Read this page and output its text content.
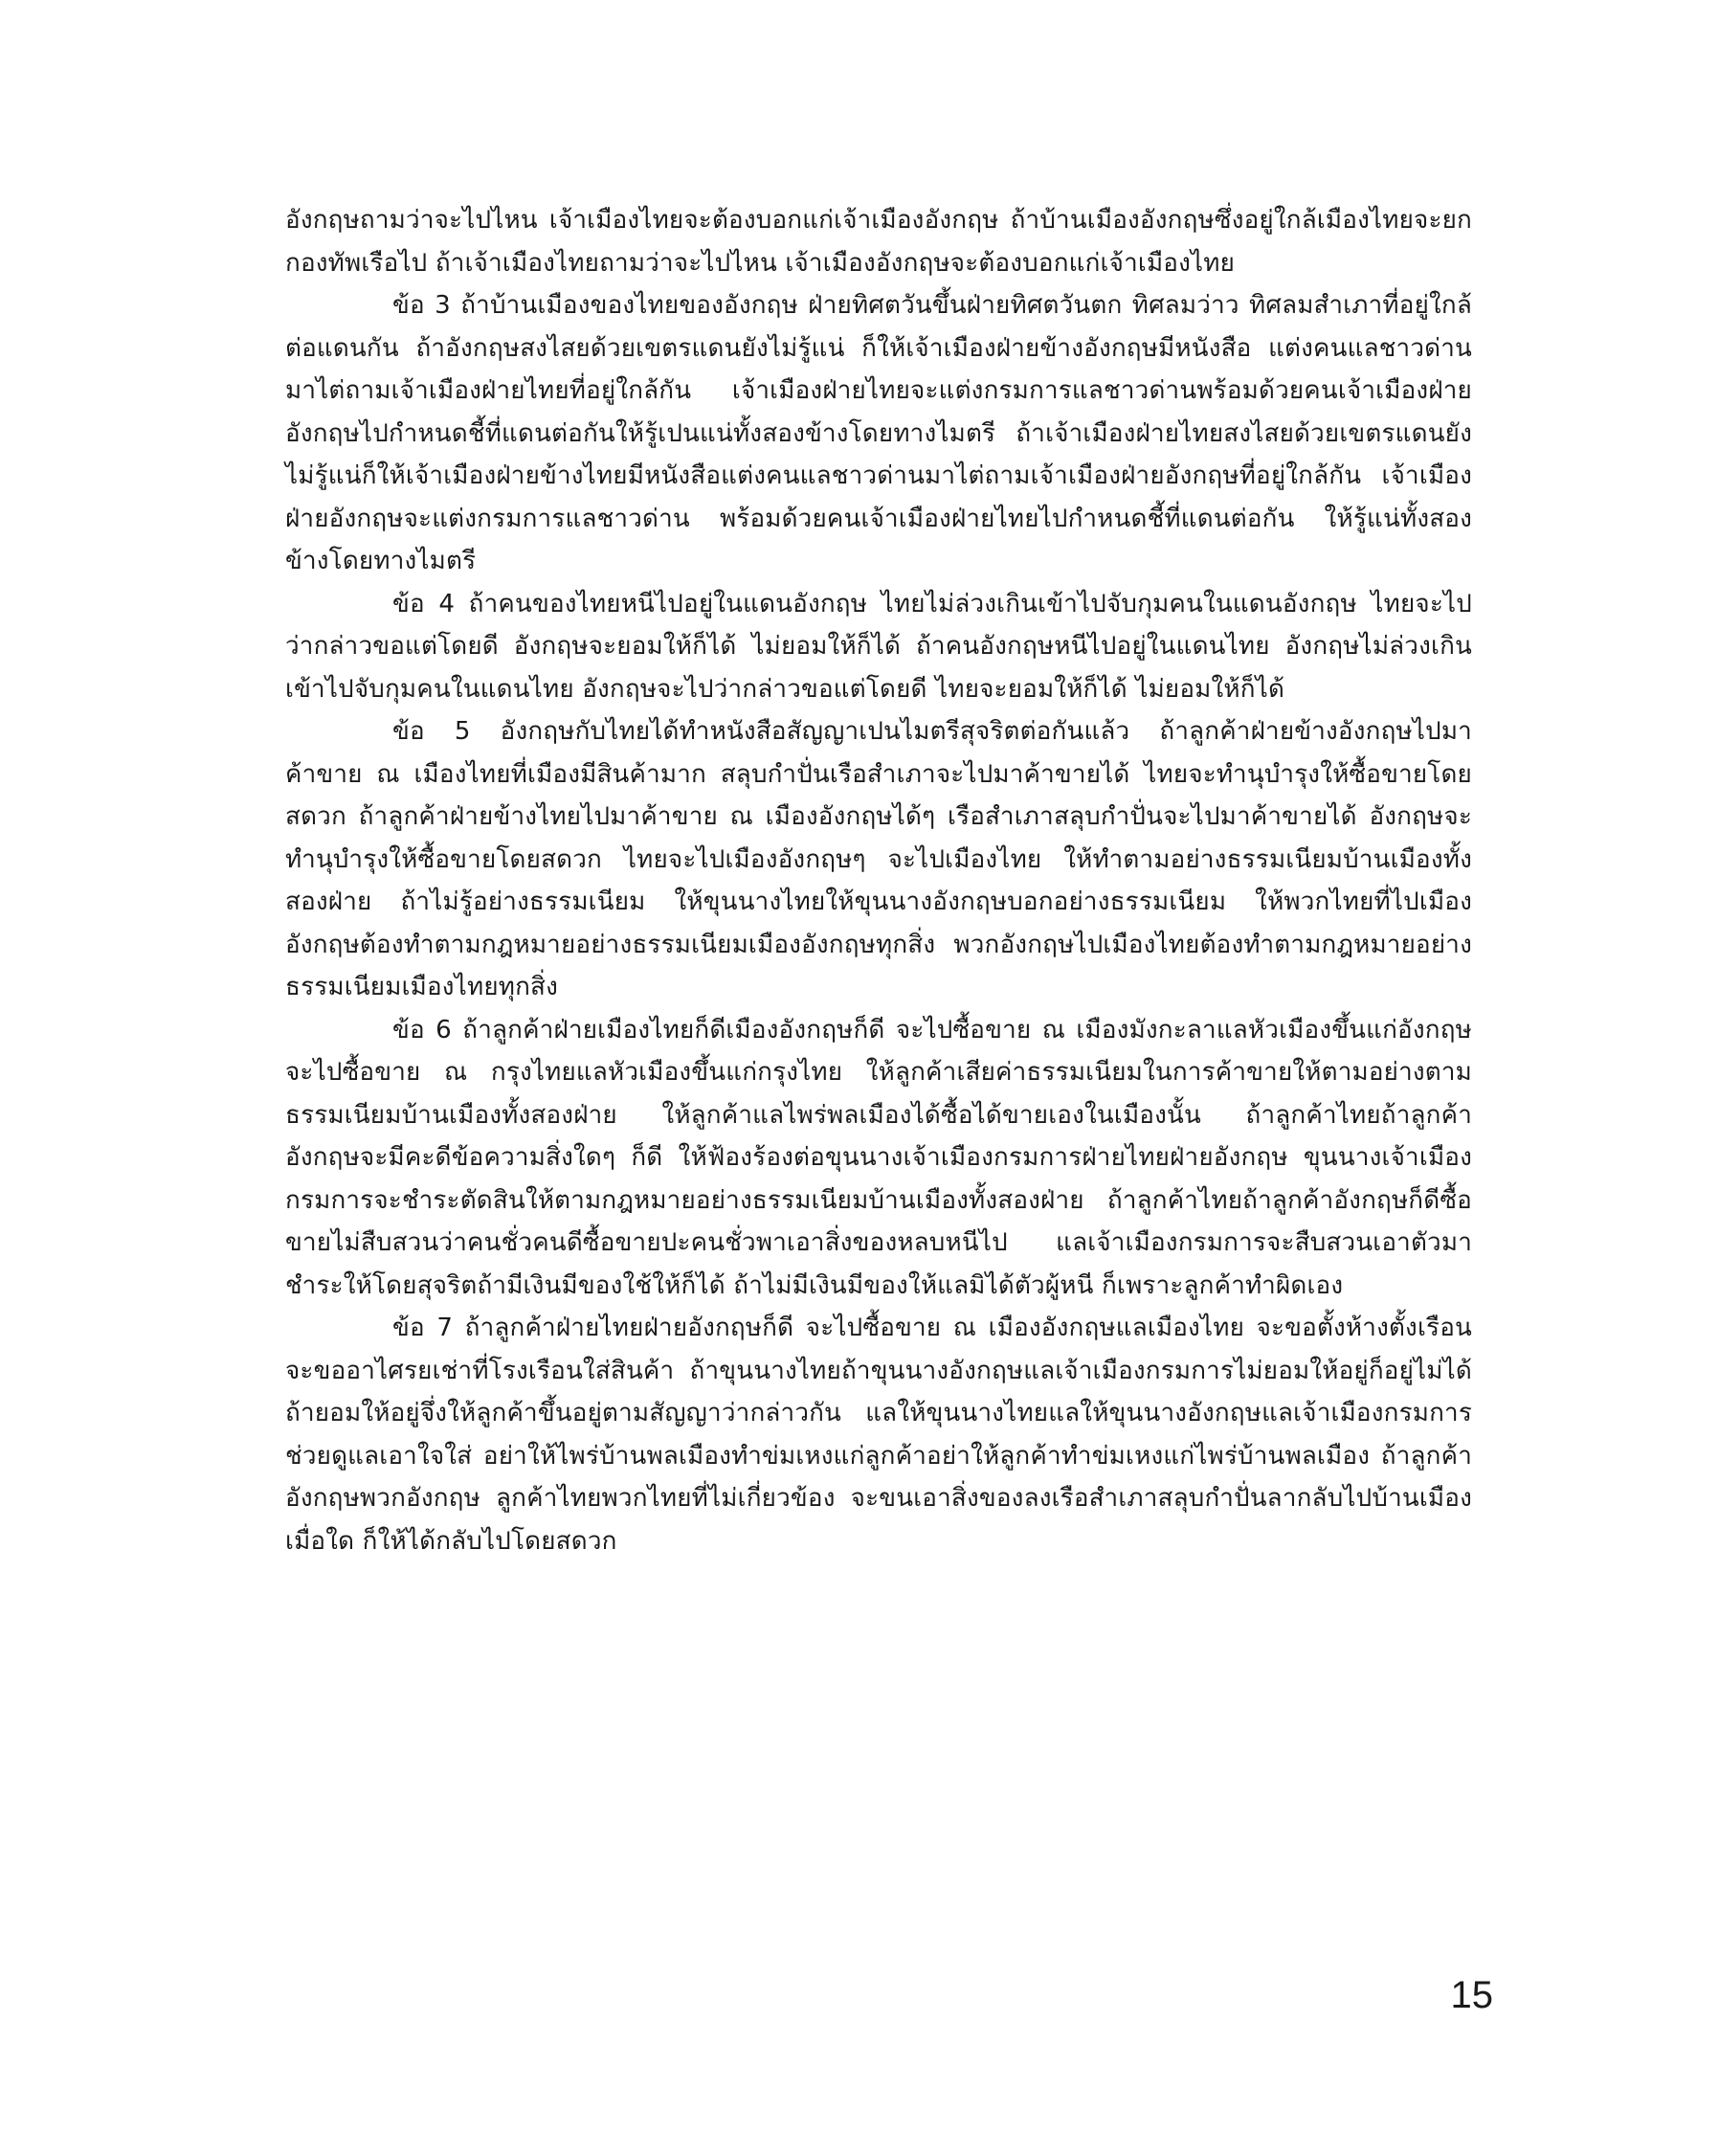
อังกฤษถามว่าจะไปไหน เจ้าเมืองไทยจะต้องบอกแก่เจ้าเมืองอังกฤษ ถ้าบ้านเมืองอังกฤษซึ่งอยู่ใกล้เมืองไทยจะยกกองทัพเรือไป ถ้าเจ้าเมืองไทยถามว่าจะไปไหน เจ้าเมืองอังกฤษจะต้องบอกแก่เจ้าเมืองไทย

ข้อ 3 ถ้าบ้านเมืองของไทยของอังกฤษ ฝ่ายทิศตวันขึ้นฝ่ายทิศตวันตก ทิศลมว่าว ทิศลมสำเภาที่อยู่ใกล้ต่อแดนกัน ถ้าอังกฤษสงไสยด้วยเขตรแดนยังไม่รู้แน่ ก็ให้เจ้าเมืองฝ่ายข้างอังกฤษมีหนังสือ แต่งคนแลชาวด่านมาไต่ถามเจ้าเมืองฝ่ายไทยที่อยู่ใกล้กัน เจ้าเมืองฝ่ายไทยจะแต่งกรมการแลชาวด่านพร้อมด้วยคนเจ้าเมืองฝ่ายอังกฤษไปกำหนดชี้ที่แดนต่อกันให้รู้เปนแน่ทั้งสองข้างโดยทางไมตรี ถ้าเจ้าเมืองฝ่ายไทยสงไสยด้วยเขตรแดนยังไม่รู้แน่ก็ให้เจ้าเมืองฝ่ายข้างไทยมีหนังสือแต่งคนแลชาวด่านมาไต่ถามเจ้าเมืองฝ่ายอังกฤษที่อยู่ใกล้กัน เจ้าเมืองฝ่ายอังกฤษจะแต่งกรมการแลชาวด่าน พร้อมด้วยคนเจ้าเมืองฝ่ายไทยไปกำหนดชี้ที่แดนต่อกัน ให้รู้แน่ทั้งสองข้างโดยทางไมตรี

ข้อ 4 ถ้าคนของไทยหนีไปอยู่ในแดนอังกฤษ ไทยไม่ล่วงเกินเข้าไปจับกุมคนในแดนอังกฤษ ไทยจะไปว่ากล่าวขอแต่โดยดี อังกฤษจะยอมให้ก็ได้ ไม่ยอมให้ก็ได้ ถ้าคนอังกฤษหนีไปอยู่ในแดนไทย อังกฤษไม่ล่วงเกินเข้าไปจับกุมคนในแดนไทย อังกฤษจะไปว่ากล่าวขอแต่โดยดี ไทยจะยอมให้ก็ได้ ไม่ยอมให้ก็ได้

ข้อ 5 อังกฤษกับไทยได้ทำหนังสือสัญญาเปนไมตรีสุจริตต่อกันแล้ว ถ้าลูกค้าฝ่ายข้างอังกฤษไปมาค้าขาย ณ เมืองไทยที่เมืองมีสินค้ามาก สลุบกำปั่นเรือสำเภาจะไปมาค้าขายได้ ไทยจะทำนุบำรุงให้ซื้อขายโดยสดวก ถ้าลูกค้าฝ่ายข้างไทยไปมาค้าขาย ณ เมืองอังกฤษได้ๆ เรือสำเภาสลุบกำปั่นจะไปมาค้าขายได้ อังกฤษจะทำนุบำรุงให้ซื้อขายโดยสดวก ไทยจะไปเมืองอังกฤษๆ จะไปเมืองไทย ให้ทำตามอย่างธรรมเนียมบ้านเมืองทั้งสองฝ่าย ถ้าไม่รู้อย่างธรรมเนียม ให้ขุนนางไทยให้ขุนนางอังกฤษบอกอย่างธรรมเนียม ให้พวกไทยที่ไปเมืองอังกฤษต้องทำตามกฎหมายอย่างธรรมเนียมเมืองอังกฤษทุกสิ่ง พวกอังกฤษไปเมืองไทยต้องทำตามกฎหมายอย่างธรรมเนียมเมืองไทยทุกสิ่ง

ข้อ 6 ถ้าลูกค้าฝ่ายเมืองไทยก็ดีเมืองอังกฤษก็ดี จะไปซื้อขาย ณ เมืองมังกะลาแลหัวเมืองขึ้นแก่อังกฤษ จะไปซื้อขาย ณ กรุงไทยแลหัวเมืองขึ้นแก่กรุงไทย ให้ลูกค้าเสียค่าธรรมเนียมในการค้าขายให้ตามอย่างตามธรรมเนียมบ้านเมืองทั้งสองฝ่าย ให้ลูกค้าแลไพร่พลเมืองได้ซื้อได้ขายเองในเมืองนั้น ถ้าลูกค้าไทยถ้าลูกค้าอังกฤษจะมีคะดีข้อความสิ่งใดๆ ก็ดี ให้ฟ้องร้องต่อขุนนางเจ้าเมืองกรมการฝ่ายไทยฝ่ายอังกฤษ ขุนนางเจ้าเมืองกรมการจะชำระตัดสินให้ตามกฎหมายอย่างธรรมเนียมบ้านเมืองทั้งสองฝ่าย ถ้าลูกค้าไทยถ้าลูกค้าอังกฤษก็ดีซื้อขายไม่สืบสวนว่าคนชั่วคนดีซื้อขายปะคนชั่วพาเอาสิ่งของหลบหนีไป แลเจ้าเมืองกรมการจะสืบสวนเอาตัวมาชำระให้โดยสุจริตถ้ามีเงินมีของใช้ให้ก็ได้ ถ้าไม่มีเงินมีของให้แลมิได้ตัวผู้หนี ก็เพราะลูกค้าทำผิดเอง

ข้อ 7 ถ้าลูกค้าฝ่ายไทยฝ่ายอังกฤษก็ดี จะไปซื้อขาย ณ เมืองอังกฤษแลเมืองไทย จะขอตั้งห้างตั้งเรือน จะขออาไศรยเช่าที่โรงเรือนใส่สินค้า ถ้าขุนนางไทยถ้าขุนนางอังกฤษแลเจ้าเมืองกรมการไม่ยอมให้อยู่ก็อยู่ไม่ได้ ถ้ายอมให้อยู่จึ่งให้ลูกค้าขึ้นอยู่ตามสัญญาว่ากล่าวกัน แลให้ขุนนางไทยแลให้ขุนนางอังกฤษแลเจ้าเมืองกรมการช่วยดูแลเอาใจใส่ อย่าให้ไพร่บ้านพลเมืองทำข่มเหงแก่ลูกค้าอย่าให้ลูกค้าทำข่มเหงแก่ไพร่บ้านพลเมือง ถ้าลูกค้าอังกฤษพวกอังกฤษ ลูกค้าไทยพวกไทยที่ไม่เกี่ยวข้อง จะขนเอาสิ่งของลงเรือสำเภาสลุบกำปั่นลากลับไปบ้านเมืองเมื่อใด ก็ให้ได้กลับไปโดยสดวก

15
